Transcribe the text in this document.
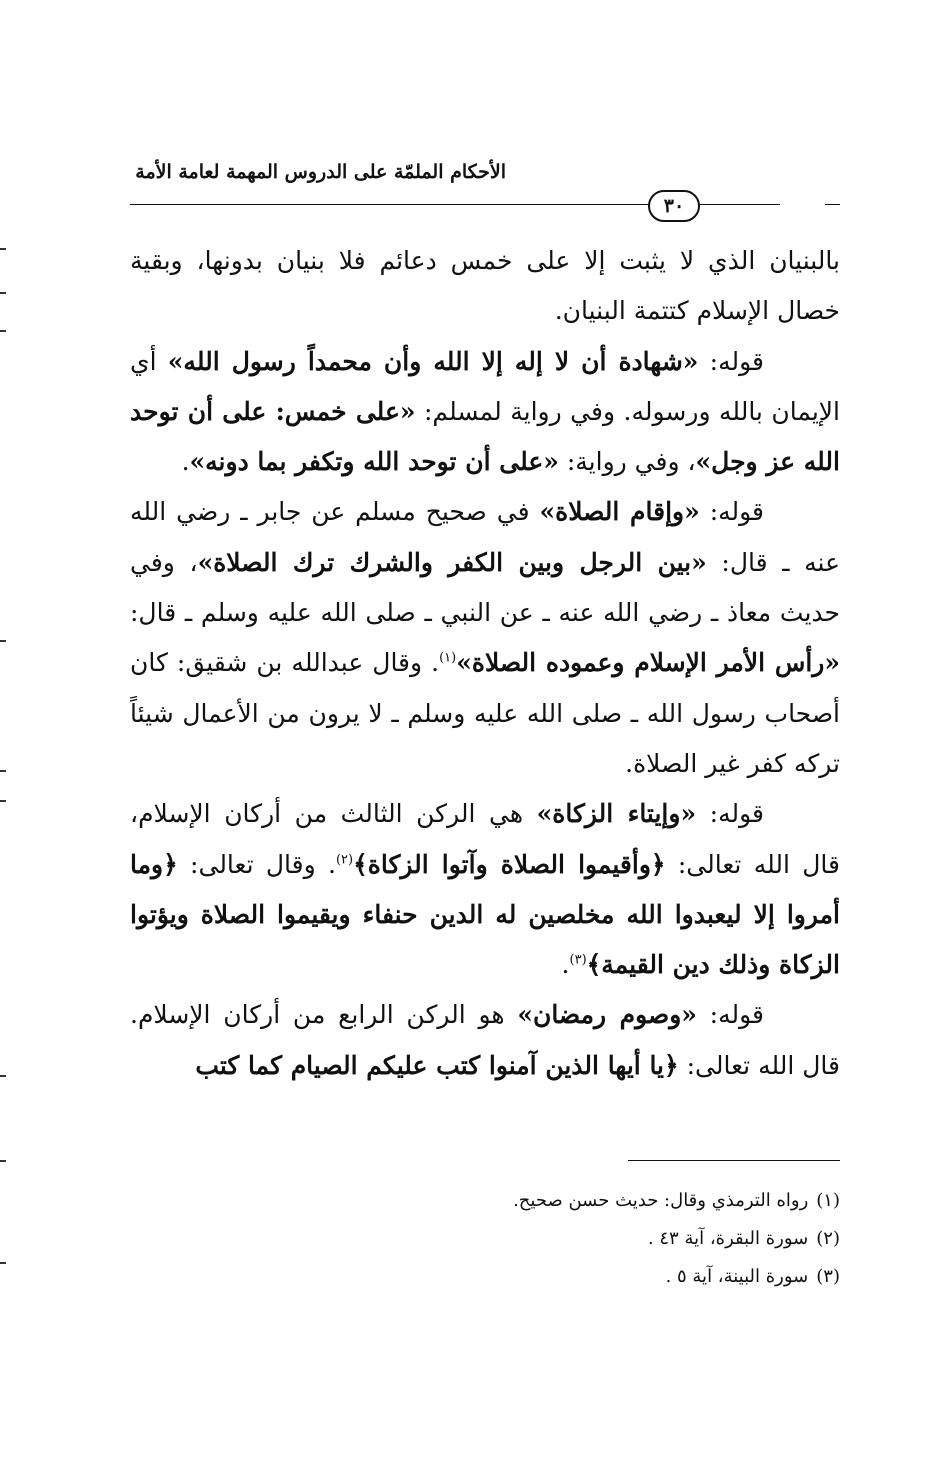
الأحكام الملمّة على الدروس المهمة لعامة الأمة
٣٠

بالبنيان الذي لا يثبت إلا على خمس دعائم فلا بنيان بدونها، وبقية خصال الإسلام كتتمة البنيان.

قوله: «شهادة أن لا إله إلا الله وأن محمداً رسول الله» أي الإيمان بالله ورسوله. وفي رواية لمسلم: «على خمس: على أن توحد الله عز وجل»، وفي رواية: «على أن توحد الله وتكفر بما دونه».

قوله: «وإقام الصلاة» في صحيح مسلم عن جابر ـ رضي الله عنه ـ قال: «بين الرجل وبين الكفر والشرك ترك الصلاة»، وفي حديث معاذ ـ رضي الله عنه ـ عن النبي ـ صلى الله عليه وسلم ـ قال: «رأس الأمر الإسلام وعموده الصلاة»$^{(١)}$. وقال عبدالله بن شقيق: كان أصحاب رسول الله ـ صلى الله عليه وسلم ـ لا يرون من الأعمال شيئاً تركه كفر غير الصلاة.

قوله: «وإيتاء الزكاة» هي الركن الثالث من أركان الإسلام، قال الله تعالى: ﴿وأقيموا الصلاة وآتوا الزكاة﴾$^{(٢)}$. وقال تعالى: ﴿وما أمروا إلا ليعبدوا الله مخلصين له الدين حنفاء ويقيموا الصلاة ويؤتوا الزكاة وذلك دين القيمة﴾$^{(٣)}$.

قوله: «وصوم رمضان» هو الركن الرابع من أركان الإسلام. قال الله تعالى: ﴿يا أيها الذين آمنوا كتب عليكم الصيام كما كتب

(١)رواه الترمذي وقال: حديث حسن صحيح.
(٢)سورة البقرة، آية ٤٣ .
(٣)سورة البينة، آية ٥ .
